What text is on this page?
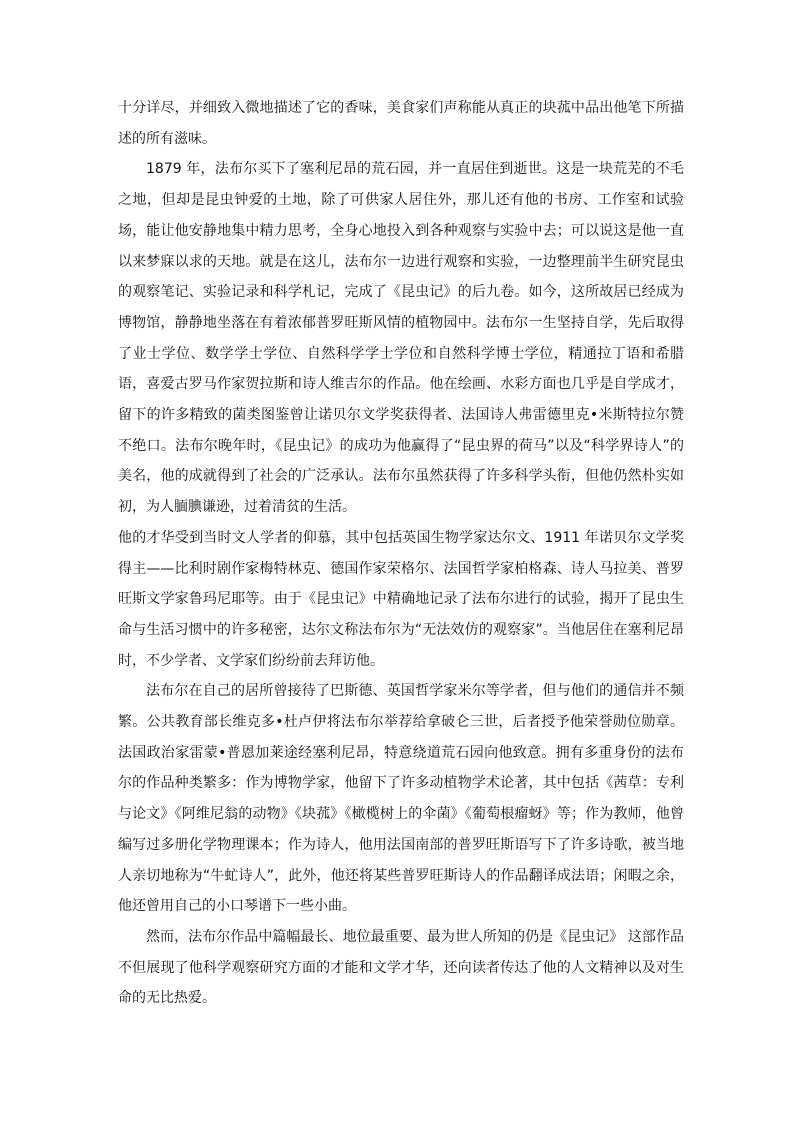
十分详尽，并细致入微地描述了它的香味，美食家们声称能从真正的块菰中品出他笔下所描述的所有滋味。

1879 年，法布尔买下了塞利尼昂的荒石园，并一直居住到逝世。这是一块荒芜的不毛之地，但却是昆虫钟爱的土地，除了可供家人居住外，那儿还有他的书房、工作室和试验场，能让他安静地集中精力思考，全身心地投入到各种观察与实验中去；可以说这是他一直以来梦寐以求的天地。就是在这儿，法布尔一边进行观察和实验，一边整理前半生研究昆虫的观察笔记、实验记录和科学札记，完成了《昆虫记》的后九卷。如今，这所故居已经成为博物馆，静静地坐落在有着浓郁普罗旺斯风情的植物园中。法布尔一生坚持自学，先后取得了业士学位、数学学士学位、自然科学学士学位和自然科学博士学位，精通拉丁语和希腊语，喜爱古罗马作家贺拉斯和诗人维吉尔的作品。他在绘画、水彩方面也几乎是自学成才，留下的许多精致的菌类图鉴曾让诺贝尔文学奖获得者、法国诗人弗雷德里克•米斯特拉尔赞不绝口。法布尔晚年时，《昆虫记》的成功为他赢得了“昆虫界的荷马”以及“科学界诗人”的美名，他的成就得到了社会的广泛承认。法布尔虽然获得了许多科学头衔，但他仍然朴实如初，为人腼腆谦逊，过着清贫的生活。

他的才华受到当时文人学者的仰慕，其中包括英国生物学家达尔文、1911 年诺贝尔文学奖得主——比利时剧作家梅特林克、德国作家荣格尔、法国哲学家柏格森、诗人马拉美、普罗旺斯文学家鲁玛尼耶等。由于《昆虫记》中精确地记录了法布尔进行的试验，揭开了昆虫生命与生活习惯中的许多秘密，达尔文称法布尔为“无法效仿的观察家”。当他居住在塞利尼昂时，不少学者、文学家们纷纷前去拜访他。

法布尔在自己的居所曾接待了巴斯德、英国哲学家米尔等学者，但与他们的通信并不频繁。公共教育部长维克多•杜卢伊将法布尔举荐给拿破仑三世，后者授予他荣誉勋位勋章。法国政治家雷蒙•普恩加莱途经塞利尼昂，特意绕道荒石园向他致意。拥有多重身份的法布尔的作品种类繁多：作为博物学家，他留下了许多动植物学术论著，其中包括《茜草：专利与论文》《阿维尼翁的动物》《块菰》《橄榄树上的伞菌》《葡萄根瘤蚜》等；作为教师，他曾编写过多册化学物理课本；作为诗人，他用法国南部的普罗旺斯语写下了许多诗歌，被当地人亲切地称为“牛虻诗人”，此外，他还将某些普罗旺斯诗人的作品翻译成法语；闲暇之余，他还曾用自己的小口琴谱下一些小曲。

然而，法布尔作品中篇幅最长、地位最重要、最为世人所知的仍是《昆虫记》 这部作品不但展现了他科学观察研究方面的才能和文学才华，还向读者传达了他的人文精神以及对生命的无比热爱。
